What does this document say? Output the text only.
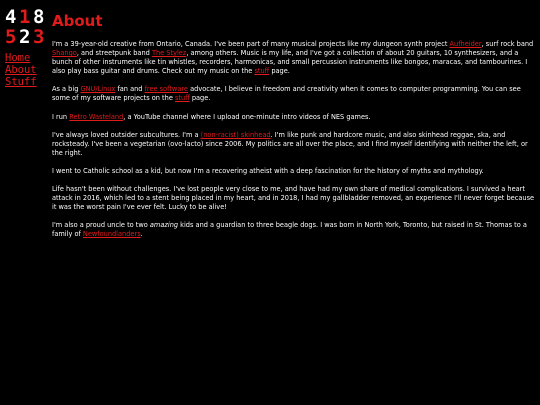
4 1 8
5 2 3
Home
About
Stuff
About

I'm a 39-year-old creative from Ontario, Canada. I've been part of many musical projects like my dungeon synth project Aufheider, surf rock band Shango, and streetpunk band The Stylez, among others. Music is my life, and I've got a collection of about 20 guitars, 10 synthesizers, and a bunch of other instruments like tin whistles, recorders, harmonicas, and small percussion instruments like bongos, maracas, and tambourines. I also play bass guitar and drums. Check out my music on the stuff page.

As a big GNU/Linux fan and free software advocate, I believe in freedom and creativity when it comes to computer programming. You can see some of my software projects on the stuff page.

I run Retro Wasteland, a YouTube channel where I upload one-minute intro videos of NES games.

I've always loved outsider subcultures. I'm a (non-racist) skinhead. I'm like punk and hardcore music, and also skinhead reggae, ska, and rocksteady. I've been a vegetarian (ovo-lacto) since 2006. My politics are all over the place, and I find myself identifying with neither the left, or the right.

I went to Catholic school as a kid, but now I'm a recovering atheist with a deep fascination for the history of myths and mythology.

Life hasn't been without challenges. I've lost people very close to me, and have had my own share of medical complications. I survived a heart attack in 2016, which led to a stent being placed in my heart, and in 2018, I had my gallbladder removed, an experience I'll never forget because it was the worst pain I've ever felt. Lucky to be alive!

I'm also a proud uncle to two amazing kids and a guardian to three beagle dogs. I was born in North York, Toronto, but raised in St. Thomas to a family of Newfoundlanders.
